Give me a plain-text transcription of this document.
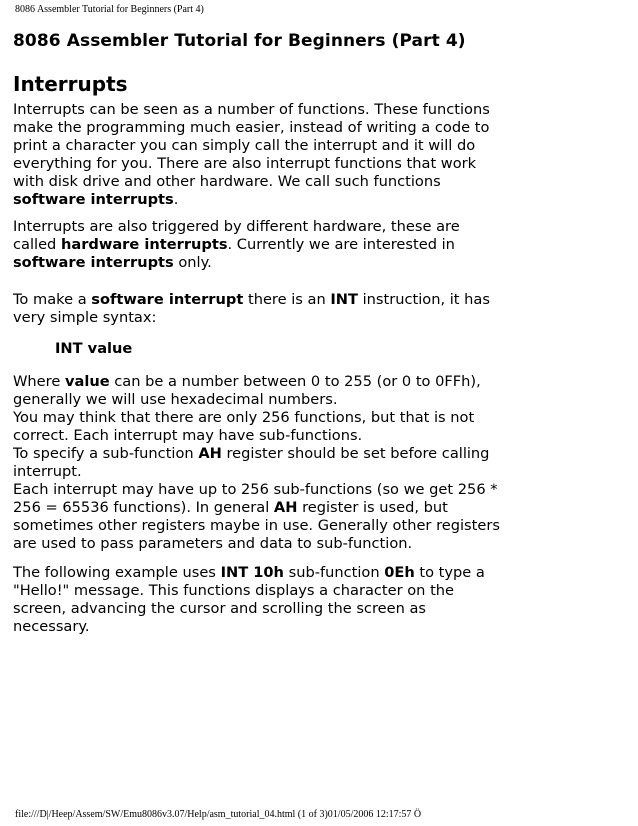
8086 Assembler Tutorial for Beginners (Part 4)
8086 Assembler Tutorial for Beginners (Part 4)
Interrupts

Interrupts can be seen as a number of functions. These functions make the programming much easier, instead of writing a code to print a character you can simply call the interrupt and it will do everything for you. There are also interrupt functions that work with disk drive and other hardware. We call such functions software interrupts.

Interrupts are also triggered by different hardware, these are called hardware interrupts. Currently we are interested in software interrupts only.

To make a software interrupt there is an INT instruction, it has very simple syntax:

INT value

Where value can be a number between 0 to 255 (or 0 to 0FFh), generally we will use hexadecimal numbers.
You may think that there are only 256 functions, but that is not correct. Each interrupt may have sub-functions.
To specify a sub-function AH register should be set before calling interrupt.
Each interrupt may have up to 256 sub-functions (so we get 256 * 256 = 65536 functions). In general AH register is used, but sometimes other registers maybe in use. Generally other registers are used to pass parameters and data to sub-function.

The following example uses INT 10h sub-function 0Eh to type a "Hello!" message. This functions displays a character on the screen, advancing the cursor and scrolling the screen as necessary.

file:///D|/Heep/Assem/SW/Emu8086v3.07/Help/asm_tutorial_04.html (1 of 3)01/05/2006 12:17:57 Ö
